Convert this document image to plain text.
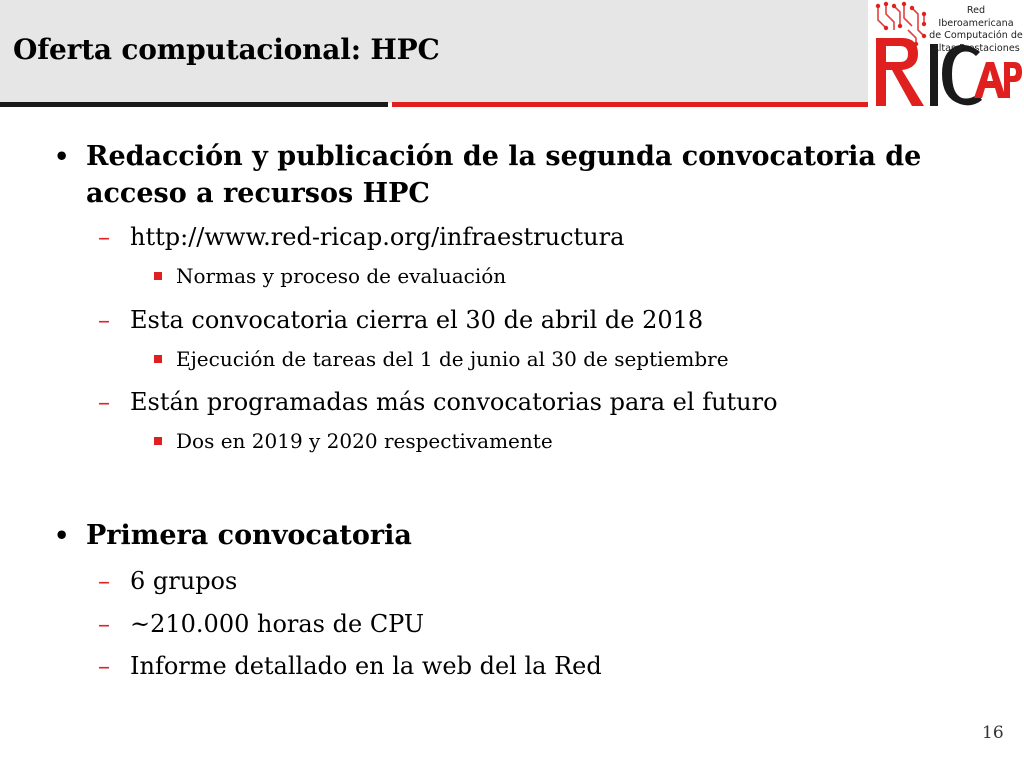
Oferta computacional: HPC
Red Iberoamericana
de Computación de
Altas Prestaciones
• Redacción y publicación de la segunda convocatoria de
acceso a recursos HPC
– http://www.red-ricap.org/infraestructura
Normas y proceso de evaluación
– Esta convocatoria cierra el 30 de abril de 2018
Ejecución de tareas del 1 de junio al 30 de septiembre
– Están programadas más convocatorias para el futuro
Dos en 2019 y 2020 respectivamente
• Primera convocatoria
– 6 grupos
– ~210.000 horas de CPU
– Informe detallado en la web del la Red
16
